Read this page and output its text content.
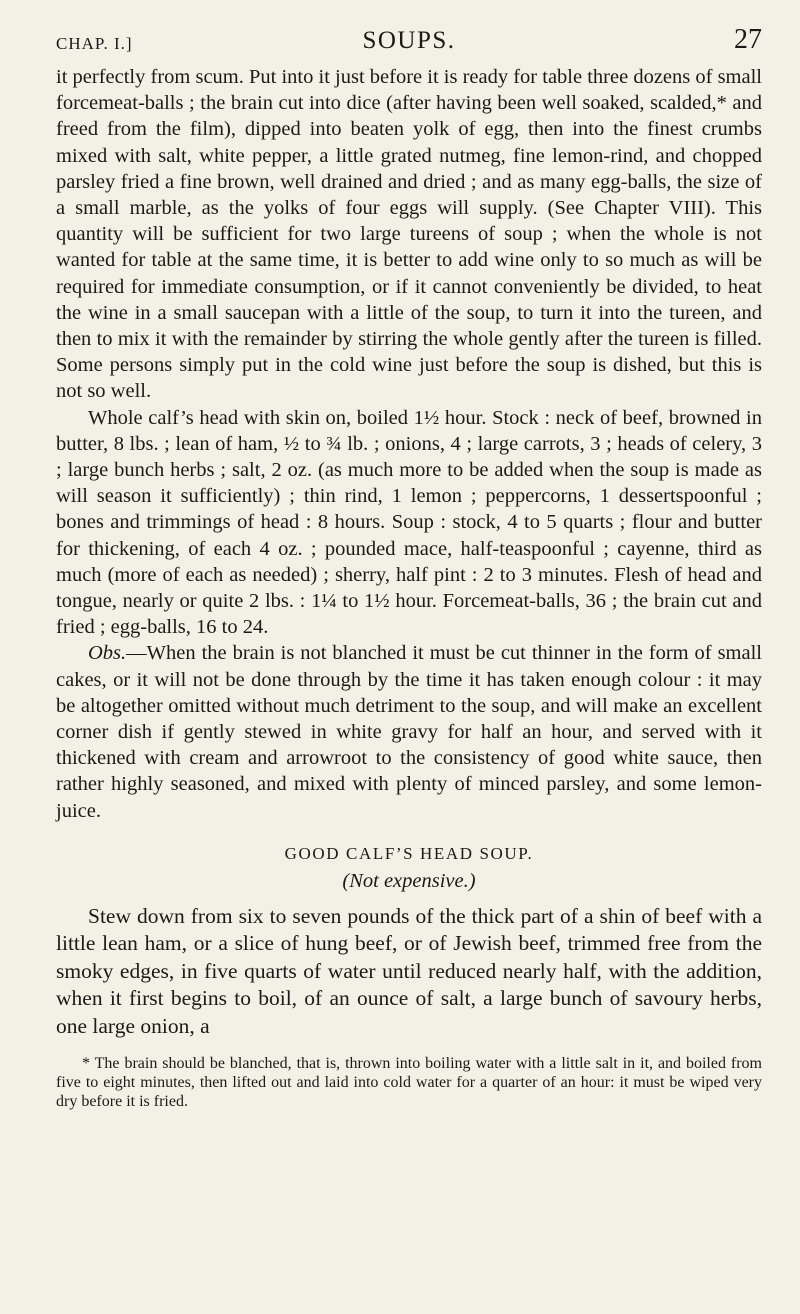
CHAP. I.]	SOUPS.	27

it perfectly from scum. Put into it just before it is ready for table three dozens of small forcemeat-balls ; the brain cut into dice (after having been well soaked, scalded,* and freed from the film), dipped into beaten yolk of egg, then into the finest crumbs mixed with salt, white pepper, a little grated nutmeg, fine lemon-rind, and chopped parsley fried a fine brown, well drained and dried ; and as many egg-balls, the size of a small marble, as the yolks of four eggs will supply. (See Chapter VIII). This quantity will be sufficient for two large tureens of soup ; when the whole is not wanted for table at the same time, it is better to add wine only to so much as will be required for immediate consumption, or if it cannot conveniently be divided, to heat the wine in a small saucepan with a little of the soup, to turn it into the tureen, and then to mix it with the remainder by stirring the whole gently after the tureen is filled. Some persons simply put in the cold wine just before the soup is dished, but this is not so well.

Whole calf’s head with skin on, boiled 1½ hour. Stock : neck of beef, browned in butter, 8 lbs. ; lean of ham, ½ to ¾ lb. ; onions, 4 ; large carrots, 3 ; heads of celery, 3 ; large bunch herbs ; salt, 2 oz. (as much more to be added when the soup is made as will season it sufficiently) ; thin rind, 1 lemon ; peppercorns, 1 dessertspoonful ; bones and trimmings of head : 8 hours. Soup : stock, 4 to 5 quarts ; flour and butter for thickening, of each 4 oz. ; pounded mace, half-teaspoonful ; cayenne, third as much (more of each as needed) ; sherry, half pint : 2 to 3 minutes. Flesh of head and tongue, nearly or quite 2 lbs. : 1¼ to 1½ hour. Forcemeat-balls, 36 ; the brain cut and fried ; egg-balls, 16 to 24.

Obs.—When the brain is not blanched it must be cut thinner in the form of small cakes, or it will not be done through by the time it has taken enough colour : it may be altogether omitted without much detriment to the soup, and will make an excellent corner dish if gently stewed in white gravy for half an hour, and served with it thickened with cream and arrowroot to the consistency of good white sauce, then rather highly seasoned, and mixed with plenty of minced parsley, and some lemon-juice.

GOOD CALF’S HEAD SOUP.
(Not expensive.)

Stew down from six to seven pounds of the thick part of a shin of beef with a little lean ham, or a slice of hung beef, or of Jewish beef, trimmed free from the smoky edges, in five quarts of water until reduced nearly half, with the addition, when it first begins to boil, of an ounce of salt, a large bunch of savoury herbs, one large onion, a

* The brain should be blanched, that is, thrown into boiling water with a little salt in it, and boiled from five to eight minutes, then lifted out and laid into cold water for a quarter of an hour: it must be wiped very dry before it is fried.
